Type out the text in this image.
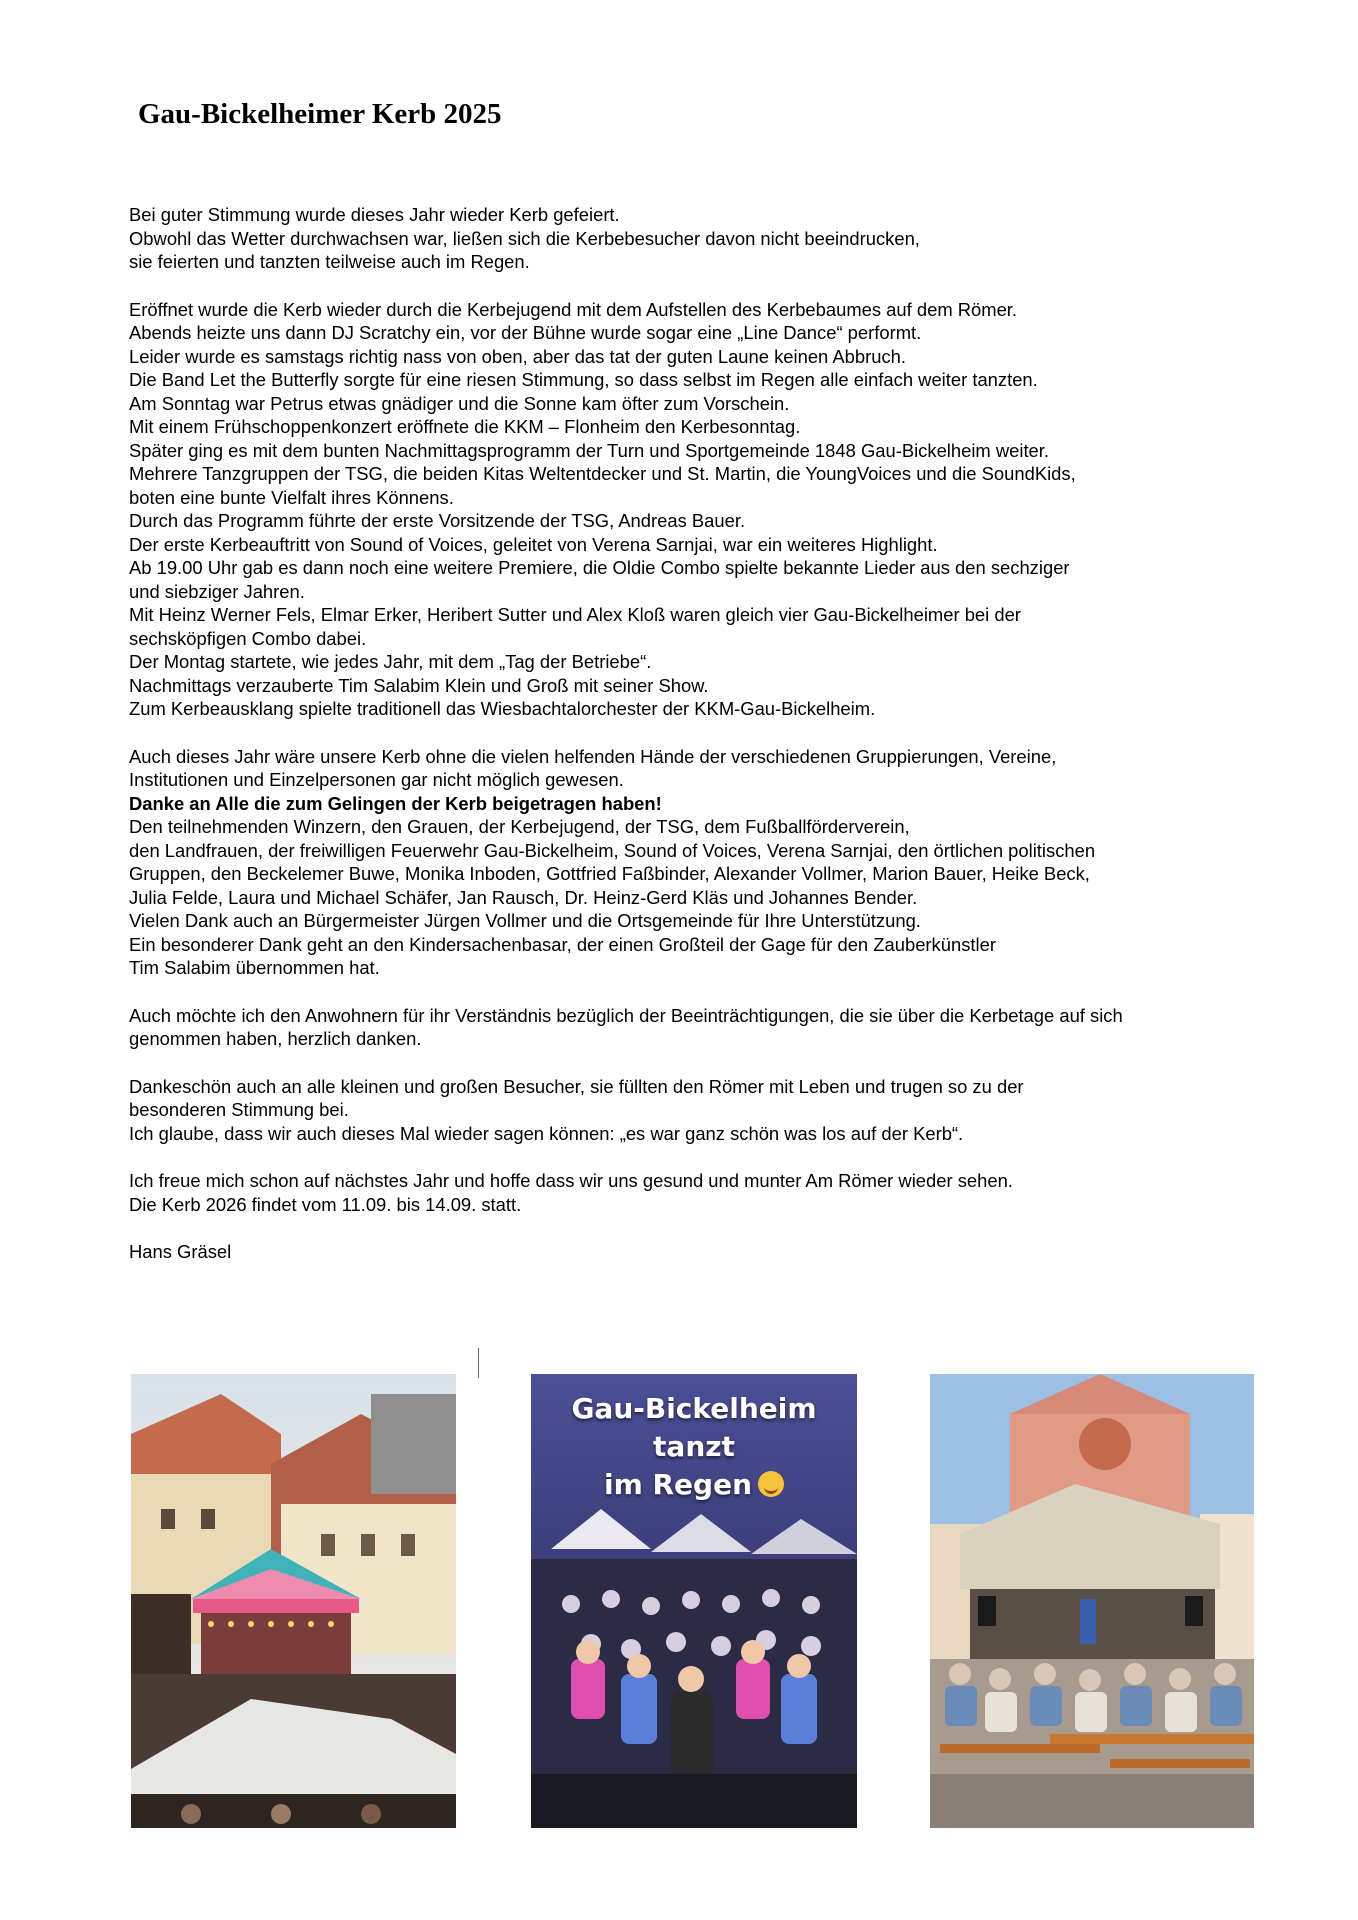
Gau-Bickelheimer Kerb 2025
Bei guter Stimmung wurde dieses Jahr wieder Kerb gefeiert.
Obwohl das Wetter durchwachsen war, ließen sich die Kerbebesucher davon nicht beeindrucken,
sie feierten und tanzten teilweise auch im Regen.
Eröffnet wurde die Kerb wieder durch die Kerbejugend mit dem Aufstellen des Kerbebaumes auf dem Römer.
Abends heizte uns dann DJ Scratchy ein, vor der Bühne wurde sogar eine „Line Dance“ performt.
Leider wurde es samstags richtig nass von oben, aber das tat der guten Laune keinen Abbruch.
Die Band Let the Butterfly sorgte für eine riesen Stimmung, so dass selbst im Regen alle einfach weiter tanzten.
Am Sonntag war Petrus etwas gnädiger und die Sonne kam öfter zum Vorschein.
Mit einem Frühschoppenkonzert eröffnete die KKM – Flonheim den Kerbesonntag.
Später ging es mit dem bunten Nachmittagsprogramm der Turn und Sportgemeinde 1848 Gau-Bickelheim weiter.
Mehrere Tanzgruppen der TSG, die beiden Kitas Weltentdecker und St. Martin, die YoungVoices und die SoundKids,
boten eine bunte Vielfalt ihres Könnens.
Durch das Programm führte der erste Vorsitzende der TSG, Andreas Bauer.
Der erste Kerbeauftritt von Sound of Voices, geleitet von Verena Sarnjai, war ein weiteres Highlight.
Ab 19.00 Uhr gab es dann noch eine weitere Premiere, die Oldie Combo spielte bekannte Lieder aus den sechziger
und siebziger Jahren.
Mit Heinz Werner Fels, Elmar Erker, Heribert Sutter und Alex Kloß waren gleich vier Gau-Bickelheimer bei der
sechsköpfigen Combo dabei.
Der Montag startete, wie jedes Jahr, mit dem „Tag der Betriebe“.
Nachmittags verzauberte Tim Salabim Klein und Groß mit seiner Show.
Zum Kerbeausklang spielte traditionell das Wiesbachtalorchester der KKM-Gau-Bickelheim.
Auch dieses Jahr wäre unsere Kerb ohne die vielen helfenden Hände der verschiedenen Gruppierungen, Vereine,
Institutionen und Einzelpersonen gar nicht möglich gewesen.
Danke an Alle die zum Gelingen der Kerb beigetragen haben!
Den teilnehmenden Winzern, den Grauen, der Kerbejugend, der TSG, dem Fußballförderverein,
den Landfrauen, der freiwilligen Feuerwehr Gau-Bickelheim, Sound of Voices, Verena Sarnjai, den örtlichen politischen
Gruppen, den Beckelemer Buwe, Monika Inboden, Gottfried Faßbinder, Alexander Vollmer, Marion Bauer, Heike Beck,
Julia Felde, Laura und Michael Schäfer, Jan Rausch, Dr. Heinz-Gerd Kläs und Johannes Bender.
Vielen Dank auch an Bürgermeister Jürgen Vollmer und die Ortsgemeinde für Ihre Unterstützung.
Ein besonderer Dank geht an den Kindersachenbasar, der einen Großteil der Gage für den Zauberkünstler
Tim Salabim übernommen hat.
Auch möchte ich den Anwohnern für ihr Verständnis bezüglich der Beeinträchtigungen, die sie über die Kerbetage auf sich
genommen haben, herzlich danken.
Dankeschön auch an alle kleinen und großen Besucher, sie füllten den Römer mit Leben und trugen so zu der
besonderen Stimmung bei.
Ich glaube, dass wir auch dieses Mal wieder sagen können: „es war ganz schön was los auf der Kerb“.
Ich freue mich schon auf nächstes Jahr und hoffe dass wir uns gesund und munter Am Römer wieder sehen.
Die Kerb 2026 findet vom 11.09. bis 14.09. statt.
Hans Gräsel
Gau-Bickelheim
tanzt
im Regen
